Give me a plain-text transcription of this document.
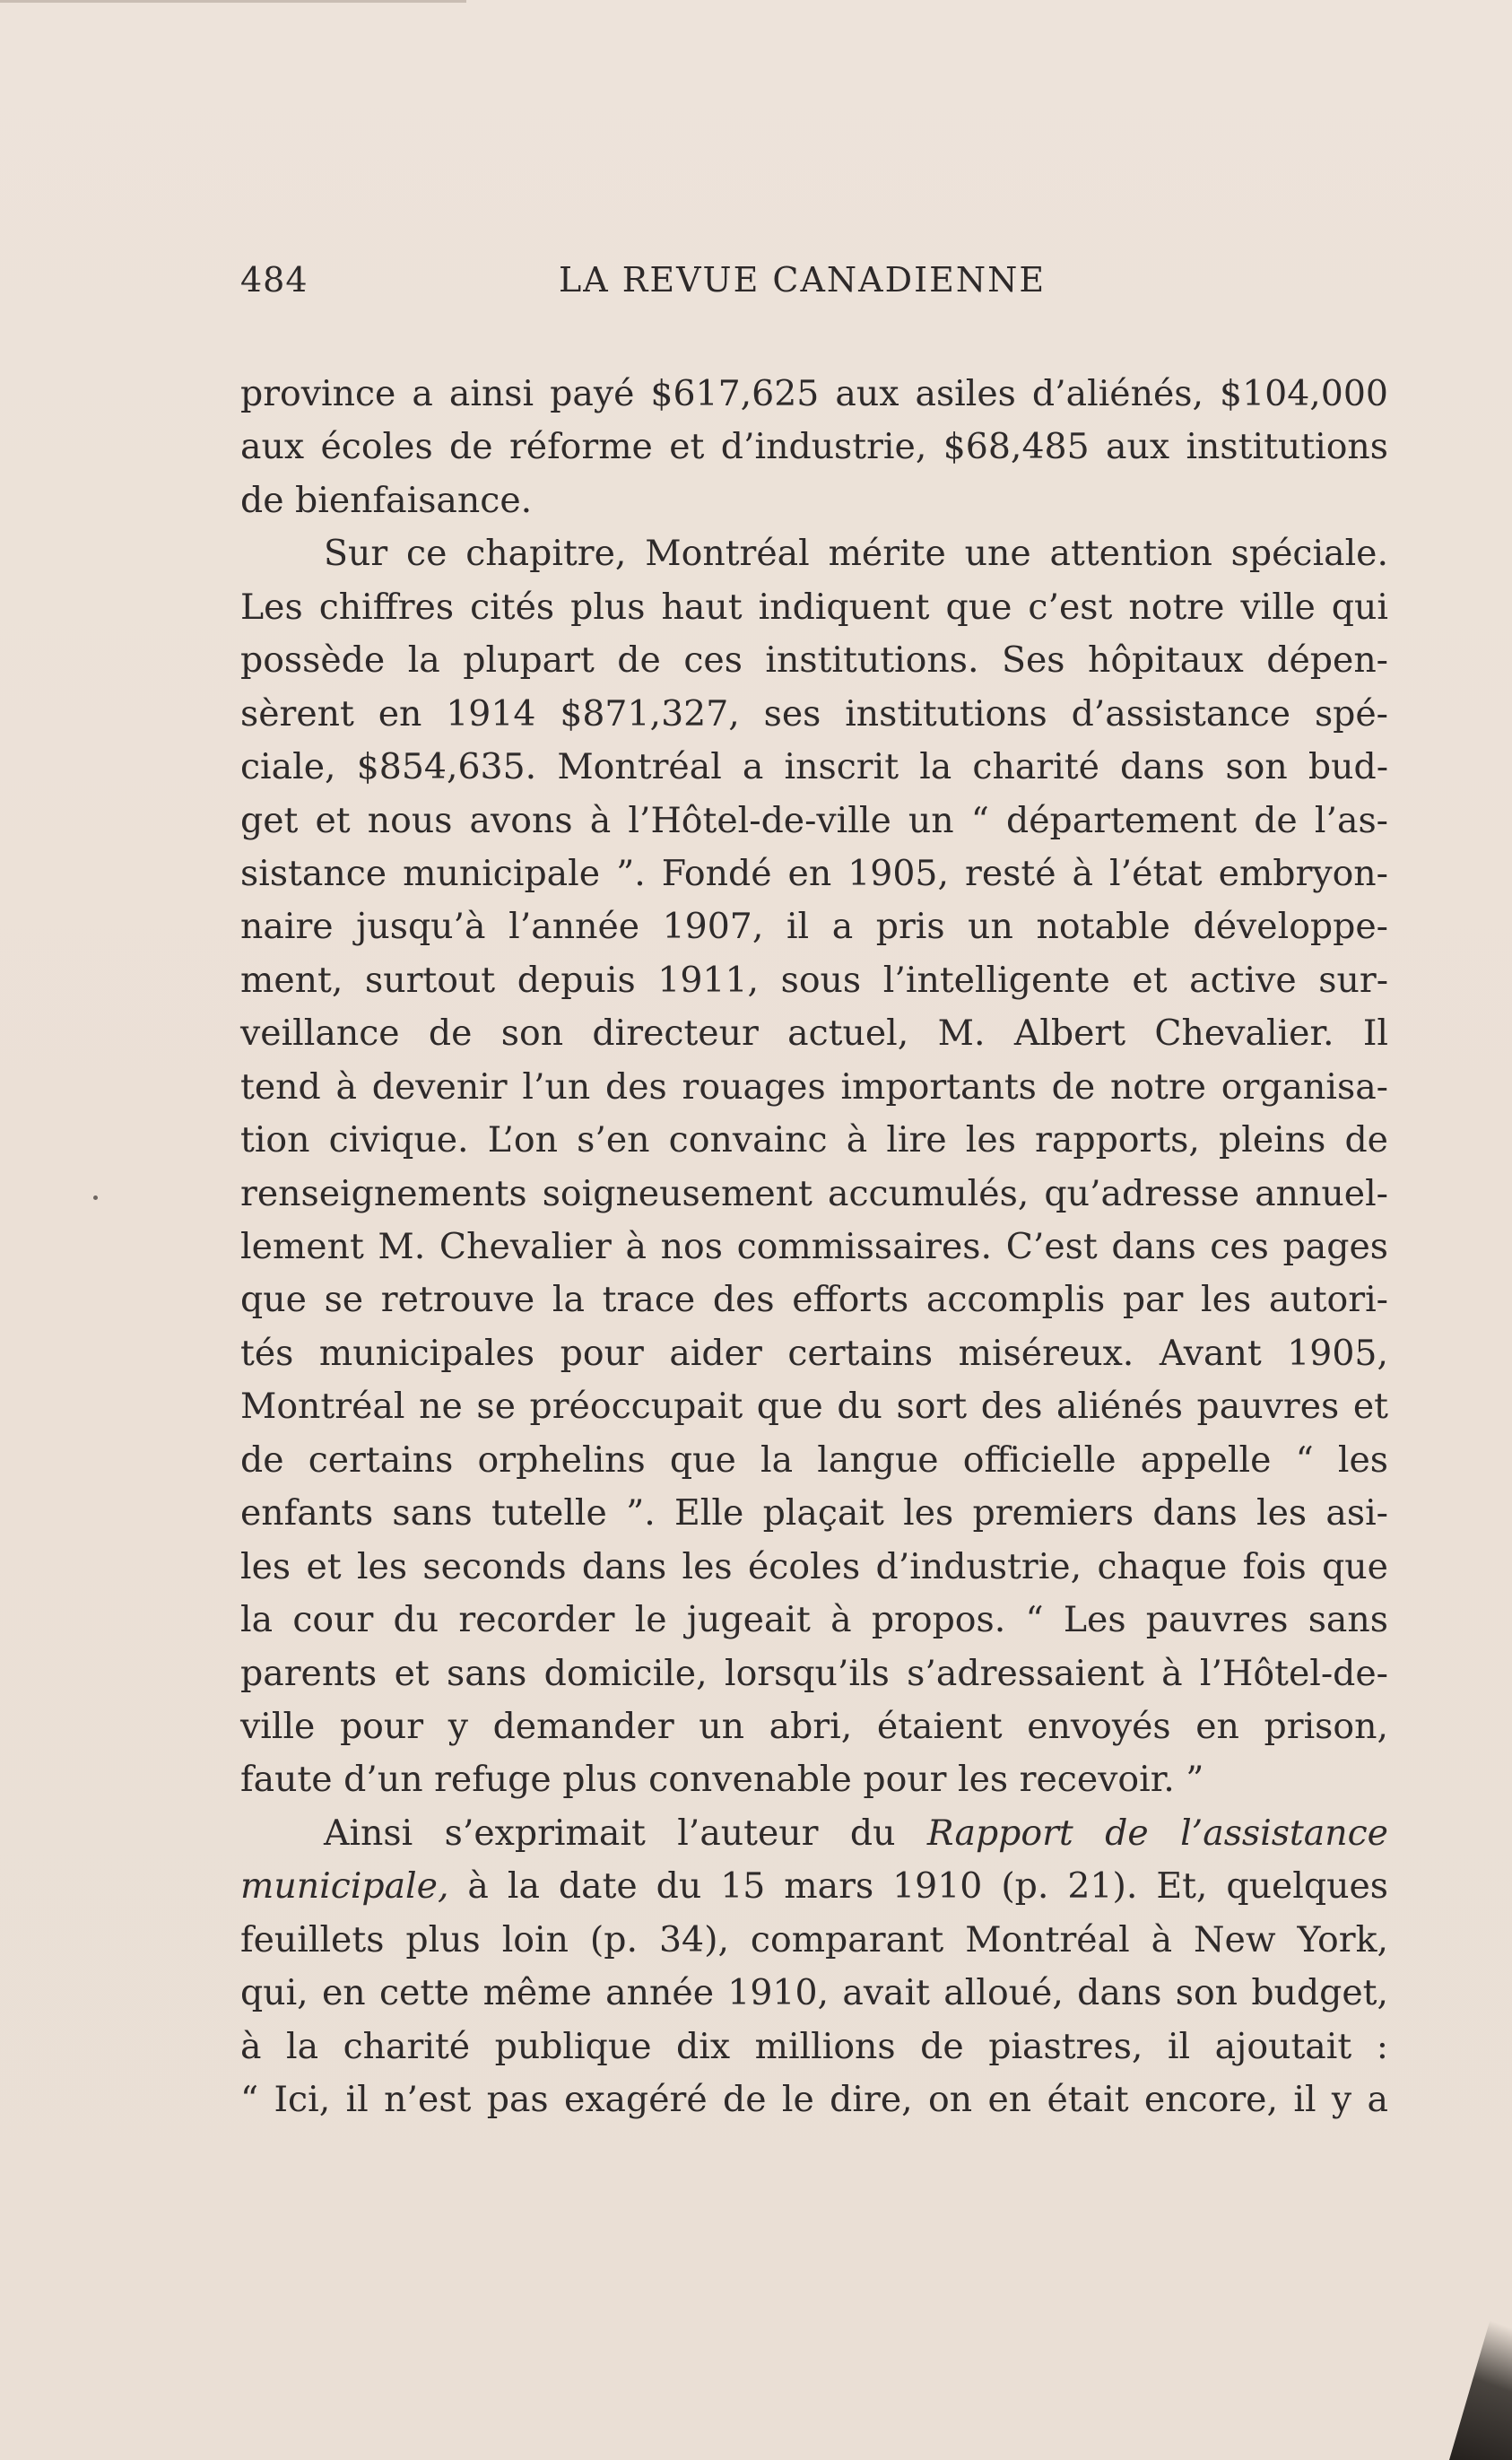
484	LA REVUE CANADIENNE
province a ainsi payé $617,625 aux asiles d’aliénés, $104,000
aux écoles de réforme et d’industrie, $68,485 aux institutions
de bienfaisance.
Sur ce chapitre, Montréal mérite une attention spéciale.
Les chiffres cités plus haut indiquent que c’est notre ville qui
possède la plupart de ces institutions. Ses hôpitaux dépen-
sèrent en 1914 $871,327, ses institutions d’assistance spé-
ciale, $854,635. Montréal a inscrit la charité dans son bud-
get et nous avons à l’Hôtel-de-ville un “ département de l’as-
sistance municipale ”. Fondé en 1905, resté à l’état embryon-
naire jusqu’à l’année 1907, il a pris un notable développe-
ment, surtout depuis 1911, sous l’intelligente et active sur-
veillance de son directeur actuel, M. Albert Chevalier. Il
tend à devenir l’un des rouages importants de notre organisa-
tion civique. L’on s’en convainc à lire les rapports, pleins de
renseignements soigneusement accumulés, qu’adresse annuel-
lement M. Chevalier à nos commissaires. C’est dans ces pages
que se retrouve la trace des efforts accomplis par les autori-
tés municipales pour aider certains miséreux. Avant 1905,
Montréal ne se préoccupait que du sort des aliénés pauvres et
de certains orphelins que la langue officielle appelle “ les
enfants sans tutelle ”. Elle plaçait les premiers dans les asi-
les et les seconds dans les écoles d’industrie, chaque fois que
la cour du recorder le jugeait à propos. “ Les pauvres sans
parents et sans domicile, lorsqu’ils s’adressaient à l’Hôtel-de-
ville pour y demander un abri, étaient envoyés en prison,
faute d’un refuge plus convenable pour les recevoir. ”
Ainsi s’exprimait l’auteur du Rapport de l’assistance
municipale, à la date du 15 mars 1910 (p. 21). Et, quelques
feuillets plus loin (p. 34), comparant Montréal à New York,
qui, en cette même année 1910, avait alloué, dans son budget,
à la charité publique dix millions de piastres, il ajoutait :
“ Ici, il n’est pas exagéré de le dire, on en était encore, il y a
